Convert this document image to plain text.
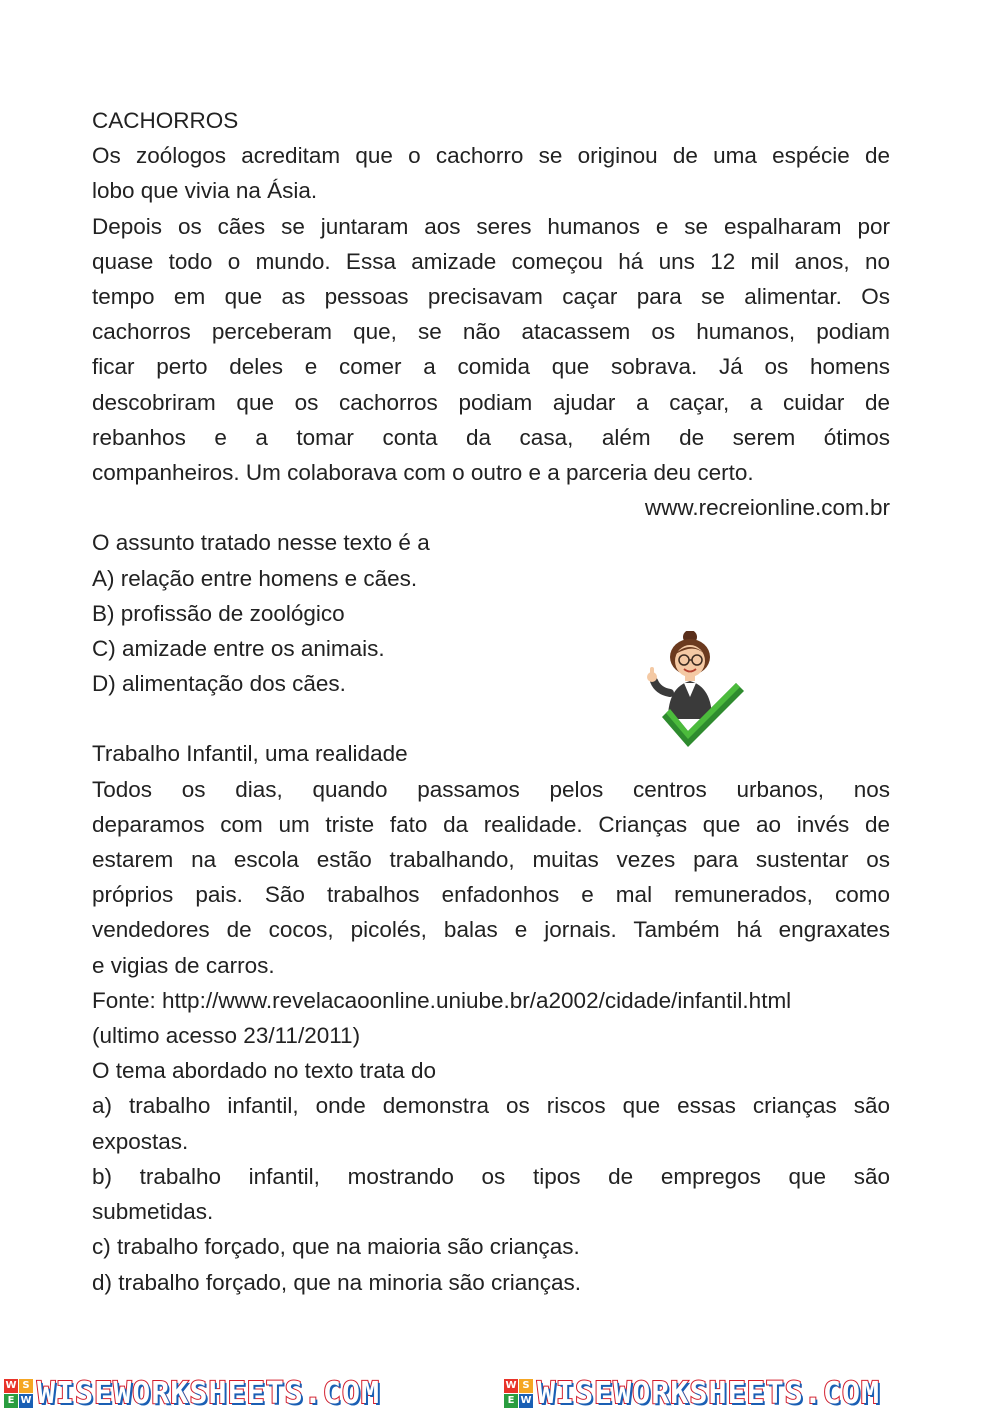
CACHORROS
Os zoólogos acreditam que o cachorro se originou de uma espécie de
lobo que vivia na Ásia.
Depois os cães se juntaram aos seres humanos e se espalharam por
quase todo o mundo. Essa amizade começou há uns 12 mil anos, no
tempo em que as pessoas precisavam caçar para se alimentar. Os
cachorros perceberam que, se não atacassem os humanos, podiam
ficar perto deles e comer a comida que sobrava. Já os homens
descobriram que os cachorros podiam ajudar a caçar, a cuidar de
rebanhos e a tomar conta da casa, além de serem ótimos
companheiros. Um colaborava com o outro e a parceria deu certo.
www.recreionline.com.br
O assunto tratado nesse texto é a
A) relação entre homens e cães.
B) profissão de zoológico
C) amizade entre os animais.
D) alimentação dos cães.
Trabalho Infantil, uma realidade
Todos os dias, quando passamos pelos centros urbanos, nos
deparamos com um triste fato da realidade. Crianças que ao invés de
estarem na escola estão trabalhando, muitas vezes para sustentar os
próprios pais. São trabalhos enfadonhos e mal remunerados, como
vendedores de cocos, picolés, balas e jornais. Também há engraxates
e vigias de carros.
Fonte: http://www.revelacaoonline.uniube.br/a2002/cidade/infantil.html
(ultimo acesso 23/11/2011)
O tema abordado no texto trata do
a) trabalho infantil, onde demonstra os riscos que essas crianças são
expostas.
b) trabalho infantil, mostrando os tipos de empregos que são
submetidas.
c) trabalho forçado, que na maioria são crianças.
d) trabalho forçado, que na minoria são crianças.
W S
E W WISEWORKSHEETS.COM	W S
E W WISEWORKSHEETS.COM
